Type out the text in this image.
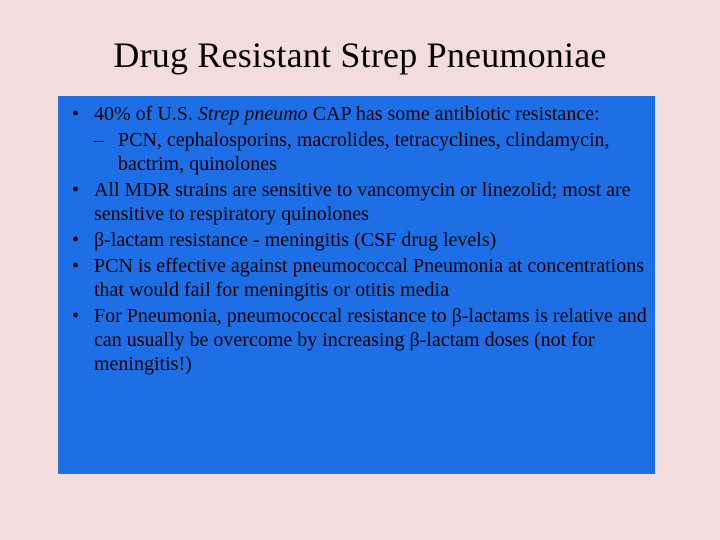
Drug Resistant Strep Pneumoniae
• 40% of U.S. Strep pneumo CAP has some antibiotic resistance:
– PCN, cephalosporins, macrolides, tetracyclines, clindamycin, bactrim, quinolones
• All MDR strains are sensitive to vancomycin or linezolid; most are sensitive to respiratory quinolones
• β-lactam resistance - meningitis (CSF drug levels)
• PCN is effective against pneumococcal Pneumonia at concentrations that would fail for meningitis or otitis media
• For Pneumonia, pneumococcal resistance to β-lactams is relative and can usually be overcome by increasing β-lactam doses (not for meningitis!)
